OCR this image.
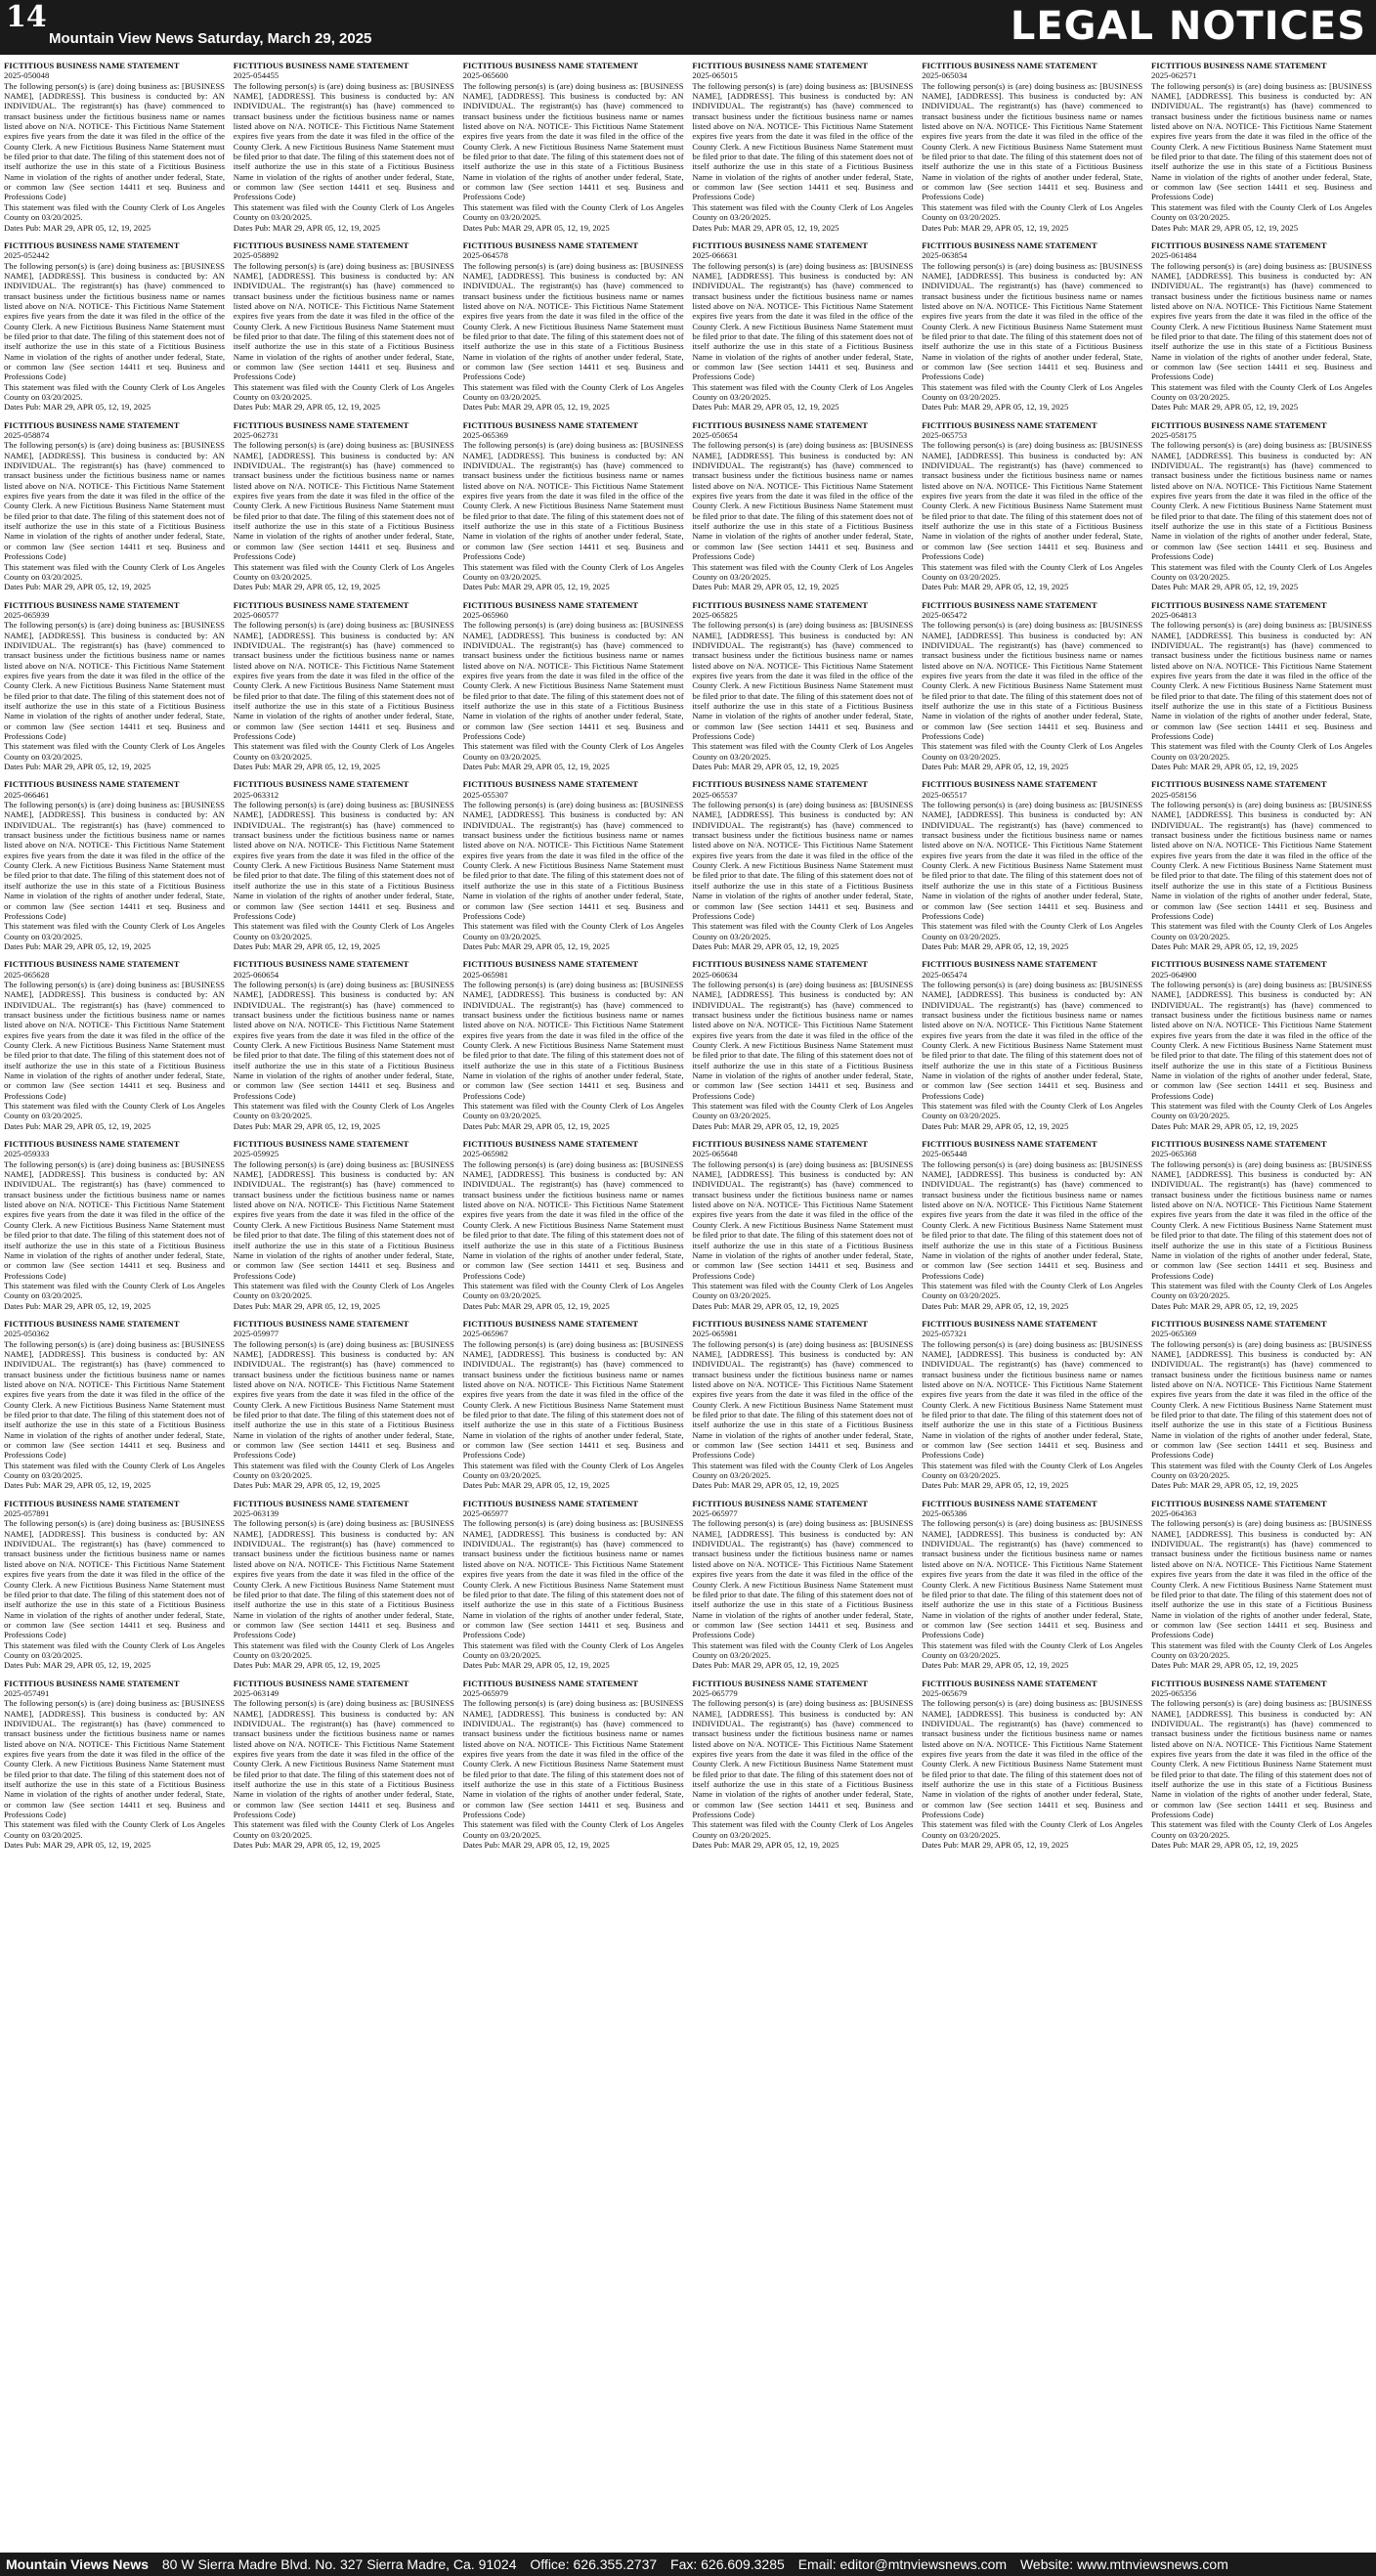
14
Mountain View News Saturday, March 29, 2025	LEGAL NOTICES
FICTITIOUS BUSINESS NAME STATEMENT

2025-050048

The following person(s) is (are) doing business as: [BUSINESS NAME], [ADDRESS]. This business is conducted by: AN INDIVIDUAL. The registrant(s) has (have) commenced to transact business under the fictitious business name or names listed above on N/A. NOTICE- This Fictitious Name Statement expires five years from the date it was filed in the office of the County Clerk. A new Fictitious Business Name Statement must be filed prior to that date. The filing of this statement does not of itself authorize the use in this state of a Fictitious Business Name in violation of the rights of another under federal, State, or common law (See section 14411 et seq. Business and Professions Code)

This statement was filed with the County Clerk of Los Angeles County on 03/20/2025.

Dates Pub: MAR 29, APR 05, 12, 19, 2025

FICTITIOUS BUSINESS NAME STATEMENT

2025-052442

The following person(s) is (are) doing business as: [BUSINESS NAME], [ADDRESS]. This business is conducted by: AN INDIVIDUAL. The registrant(s) has (have) commenced to transact business under the fictitious business name or names listed above on N/A. NOTICE- This Fictitious Name Statement expires five years from the date it was filed in the office of the County Clerk. A new Fictitious Business Name Statement must be filed prior to that date. The filing of this statement does not of itself authorize the use in this state of a Fictitious Business Name in violation of the rights of another under federal, State, or common law (See section 14411 et seq. Business and Professions Code)

This statement was filed with the County Clerk of Los Angeles County on 03/20/2025.

Dates Pub: MAR 29, APR 05, 12, 19, 2025

FICTITIOUS BUSINESS NAME STATEMENT

2025-058874

The following person(s) is (are) doing business as: [BUSINESS NAME], [ADDRESS]. This business is conducted by: AN INDIVIDUAL. The registrant(s) has (have) commenced to transact business under the fictitious business name or names listed above on N/A. NOTICE- This Fictitious Name Statement expires five years from the date it was filed in the office of the County Clerk. A new Fictitious Business Name Statement must be filed prior to that date. The filing of this statement does not of itself authorize the use in this state of a Fictitious Business Name in violation of the rights of another under federal, State, or common law (See section 14411 et seq. Business and Professions Code)

This statement was filed with the County Clerk of Los Angeles County on 03/20/2025.

Dates Pub: MAR 29, APR 05, 12, 19, 2025

FICTITIOUS BUSINESS NAME STATEMENT

2025-065939

The following person(s) is (are) doing business as: [BUSINESS NAME], [ADDRESS]. This business is conducted by: AN INDIVIDUAL. The registrant(s) has (have) commenced to transact business under the fictitious business name or names listed above on N/A. NOTICE- This Fictitious Name Statement expires five years from the date it was filed in the office of the County Clerk. A new Fictitious Business Name Statement must be filed prior to that date. The filing of this statement does not of itself authorize the use in this state of a Fictitious Business Name in violation of the rights of another under federal, State, or common law (See section 14411 et seq. Business and Professions Code)

This statement was filed with the County Clerk of Los Angeles County on 03/20/2025.

Dates Pub: MAR 29, APR 05, 12, 19, 2025

FICTITIOUS BUSINESS NAME STATEMENT

2025-066461

The following person(s) is (are) doing business as: [BUSINESS NAME], [ADDRESS]. This business is conducted by: AN INDIVIDUAL. The registrant(s) has (have) commenced to transact business under the fictitious business name or names listed above on N/A. NOTICE- This Fictitious Name Statement expires five years from the date it was filed in the office of the County Clerk. A new Fictitious Business Name Statement must be filed prior to that date. The filing of this statement does not of itself authorize the use in this state of a Fictitious Business Name in violation of the rights of another under federal, State, or common law (See section 14411 et seq. Business and Professions Code)

This statement was filed with the County Clerk of Los Angeles County on 03/20/2025.

Dates Pub: MAR 29, APR 05, 12, 19, 2025

FICTITIOUS BUSINESS NAME STATEMENT

2025-065628

The following person(s) is (are) doing business as: [BUSINESS NAME], [ADDRESS]. This business is conducted by: AN INDIVIDUAL. The registrant(s) has (have) commenced to transact business under the fictitious business name or names listed above on N/A. NOTICE- This Fictitious Name Statement expires five years from the date it was filed in the office of the County Clerk. A new Fictitious Business Name Statement must be filed prior to that date. The filing of this statement does not of itself authorize the use in this state of a Fictitious Business Name in violation of the rights of another under federal, State, or common law (See section 14411 et seq. Business and Professions Code)

This statement was filed with the County Clerk of Los Angeles County on 03/20/2025.

Dates Pub: MAR 29, APR 05, 12, 19, 2025

FICTITIOUS BUSINESS NAME STATEMENT

2025-059333

The following person(s) is (are) doing business as: [BUSINESS NAME], [ADDRESS]. This business is conducted by: AN INDIVIDUAL. The registrant(s) has (have) commenced to transact business under the fictitious business name or names listed above on N/A. NOTICE- This Fictitious Name Statement expires five years from the date it was filed in the office of the County Clerk. A new Fictitious Business Name Statement must be filed prior to that date. The filing of this statement does not of itself authorize the use in this state of a Fictitious Business Name in violation of the rights of another under federal, State, or common law (See section 14411 et seq. Business and Professions Code)

This statement was filed with the County Clerk of Los Angeles County on 03/20/2025.

Dates Pub: MAR 29, APR 05, 12, 19, 2025

FICTITIOUS BUSINESS NAME STATEMENT

2025-050362

The following person(s) is (are) doing business as: [BUSINESS NAME], [ADDRESS]. This business is conducted by: AN INDIVIDUAL. The registrant(s) has (have) commenced to transact business under the fictitious business name or names listed above on N/A. NOTICE- This Fictitious Name Statement expires five years from the date it was filed in the office of the County Clerk. A new Fictitious Business Name Statement must be filed prior to that date. The filing of this statement does not of itself authorize the use in this state of a Fictitious Business Name in violation of the rights of another under federal, State, or common law (See section 14411 et seq. Business and Professions Code)

This statement was filed with the County Clerk of Los Angeles County on 03/20/2025.

Dates Pub: MAR 29, APR 05, 12, 19, 2025

FICTITIOUS BUSINESS NAME STATEMENT

2025-057891

The following person(s) is (are) doing business as: [BUSINESS NAME], [ADDRESS]. This business is conducted by: AN INDIVIDUAL. The registrant(s) has (have) commenced to transact business under the fictitious business name or names listed above on N/A. NOTICE- This Fictitious Name Statement expires five years from the date it was filed in the office of the County Clerk. A new Fictitious Business Name Statement must be filed prior to that date. The filing of this statement does not of itself authorize the use in this state of a Fictitious Business Name in violation of the rights of another under federal, State, or common law (See section 14411 et seq. Business and Professions Code)

This statement was filed with the County Clerk of Los Angeles County on 03/20/2025.

Dates Pub: MAR 29, APR 05, 12, 19, 2025

FICTITIOUS BUSINESS NAME STATEMENT

2025-057491

The following person(s) is (are) doing business as: [BUSINESS NAME], [ADDRESS]. This business is conducted by: AN INDIVIDUAL. The registrant(s) has (have) commenced to transact business under the fictitious business name or names listed above on N/A. NOTICE- This Fictitious Name Statement expires five years from the date it was filed in the office of the County Clerk. A new Fictitious Business Name Statement must be filed prior to that date. The filing of this statement does not of itself authorize the use in this state of a Fictitious Business Name in violation of the rights of another under federal, State, or common law (See section 14411 et seq. Business and Professions Code)

This statement was filed with the County Clerk of Los Angeles County on 03/20/2025.

Dates Pub: MAR 29, APR 05, 12, 19, 2025

FICTITIOUS BUSINESS NAME STATEMENT

2025-054455

The following person(s) is (are) doing business as: [BUSINESS NAME], [ADDRESS]. This business is conducted by: AN INDIVIDUAL. The registrant(s) has (have) commenced to transact business under the fictitious business name or names listed above on N/A. NOTICE- This Fictitious Name Statement expires five years from the date it was filed in the office of the County Clerk. A new Fictitious Business Name Statement must be filed prior to that date. The filing of this statement does not of itself authorize the use in this state of a Fictitious Business Name in violation of the rights of another under federal, State, or common law (See section 14411 et seq. Business and Professions Code)

This statement was filed with the County Clerk of Los Angeles County on 03/20/2025.

Dates Pub: MAR 29, APR 05, 12, 19, 2025

FICTITIOUS BUSINESS NAME STATEMENT

2025-058892

The following person(s) is (are) doing business as: [BUSINESS NAME], [ADDRESS]. This business is conducted by: AN INDIVIDUAL. The registrant(s) has (have) commenced to transact business under the fictitious business name or names listed above on N/A. NOTICE- This Fictitious Name Statement expires five years from the date it was filed in the office of the County Clerk. A new Fictitious Business Name Statement must be filed prior to that date. The filing of this statement does not of itself authorize the use in this state of a Fictitious Business Name in violation of the rights of another under federal, State, or common law (See section 14411 et seq. Business and Professions Code)

This statement was filed with the County Clerk of Los Angeles County on 03/20/2025.

Dates Pub: MAR 29, APR 05, 12, 19, 2025

FICTITIOUS BUSINESS NAME STATEMENT

2025-062731

The following person(s) is (are) doing business as: [BUSINESS NAME], [ADDRESS]. This business is conducted by: AN INDIVIDUAL. The registrant(s) has (have) commenced to transact business under the fictitious business name or names listed above on N/A. NOTICE- This Fictitious Name Statement expires five years from the date it was filed in the office of the County Clerk. A new Fictitious Business Name Statement must be filed prior to that date. The filing of this statement does not of itself authorize the use in this state of a Fictitious Business Name in violation of the rights of another under federal, State, or common law (See section 14411 et seq. Business and Professions Code)

This statement was filed with the County Clerk of Los Angeles County on 03/20/2025.

Dates Pub: MAR 29, APR 05, 12, 19, 2025

FICTITIOUS BUSINESS NAME STATEMENT

2025-060577

The following person(s) is (are) doing business as: [BUSINESS NAME], [ADDRESS]. This business is conducted by: AN INDIVIDUAL. The registrant(s) has (have) commenced to transact business under the fictitious business name or names listed above on N/A. NOTICE- This Fictitious Name Statement expires five years from the date it was filed in the office of the County Clerk. A new Fictitious Business Name Statement must be filed prior to that date. The filing of this statement does not of itself authorize the use in this state of a Fictitious Business Name in violation of the rights of another under federal, State, or common law (See section 14411 et seq. Business and Professions Code)

This statement was filed with the County Clerk of Los Angeles County on 03/20/2025.

Dates Pub: MAR 29, APR 05, 12, 19, 2025

FICTITIOUS BUSINESS NAME STATEMENT

2025-063312

The following person(s) is (are) doing business as: [BUSINESS NAME], [ADDRESS]. This business is conducted by: AN INDIVIDUAL. The registrant(s) has (have) commenced to transact business under the fictitious business name or names listed above on N/A. NOTICE- This Fictitious Name Statement expires five years from the date it was filed in the office of the County Clerk. A new Fictitious Business Name Statement must be filed prior to that date. The filing of this statement does not of itself authorize the use in this state of a Fictitious Business Name in violation of the rights of another under federal, State, or common law (See section 14411 et seq. Business and Professions Code)

This statement was filed with the County Clerk of Los Angeles County on 03/20/2025.

Dates Pub: MAR 29, APR 05, 12, 19, 2025

FICTITIOUS BUSINESS NAME STATEMENT

2025-060654

The following person(s) is (are) doing business as: [BUSINESS NAME], [ADDRESS]. This business is conducted by: AN INDIVIDUAL. The registrant(s) has (have) commenced to transact business under the fictitious business name or names listed above on N/A. NOTICE- This Fictitious Name Statement expires five years from the date it was filed in the office of the County Clerk. A new Fictitious Business Name Statement must be filed prior to that date. The filing of this statement does not of itself authorize the use in this state of a Fictitious Business Name in violation of the rights of another under federal, State, or common law (See section 14411 et seq. Business and Professions Code)

This statement was filed with the County Clerk of Los Angeles County on 03/20/2025.

Dates Pub: MAR 29, APR 05, 12, 19, 2025

FICTITIOUS BUSINESS NAME STATEMENT

2025-059925

The following person(s) is (are) doing business as: [BUSINESS NAME], [ADDRESS]. This business is conducted by: AN INDIVIDUAL. The registrant(s) has (have) commenced to transact business under the fictitious business name or names listed above on N/A. NOTICE- This Fictitious Name Statement expires five years from the date it was filed in the office of the County Clerk. A new Fictitious Business Name Statement must be filed prior to that date. The filing of this statement does not of itself authorize the use in this state of a Fictitious Business Name in violation of the rights of another under federal, State, or common law (See section 14411 et seq. Business and Professions Code)

This statement was filed with the County Clerk of Los Angeles County on 03/20/2025.

Dates Pub: MAR 29, APR 05, 12, 19, 2025

FICTITIOUS BUSINESS NAME STATEMENT

2025-059977

The following person(s) is (are) doing business as: [BUSINESS NAME], [ADDRESS]. This business is conducted by: AN INDIVIDUAL. The registrant(s) has (have) commenced to transact business under the fictitious business name or names listed above on N/A. NOTICE- This Fictitious Name Statement expires five years from the date it was filed in the office of the County Clerk. A new Fictitious Business Name Statement must be filed prior to that date. The filing of this statement does not of itself authorize the use in this state of a Fictitious Business Name in violation of the rights of another under federal, State, or common law (See section 14411 et seq. Business and Professions Code)

This statement was filed with the County Clerk of Los Angeles County on 03/20/2025.

Dates Pub: MAR 29, APR 05, 12, 19, 2025

FICTITIOUS BUSINESS NAME STATEMENT

2025-063139

The following person(s) is (are) doing business as: [BUSINESS NAME], [ADDRESS]. This business is conducted by: AN INDIVIDUAL. The registrant(s) has (have) commenced to transact business under the fictitious business name or names listed above on N/A. NOTICE- This Fictitious Name Statement expires five years from the date it was filed in the office of the County Clerk. A new Fictitious Business Name Statement must be filed prior to that date. The filing of this statement does not of itself authorize the use in this state of a Fictitious Business Name in violation of the rights of another under federal, State, or common law (See section 14411 et seq. Business and Professions Code)

This statement was filed with the County Clerk of Los Angeles County on 03/20/2025.

Dates Pub: MAR 29, APR 05, 12, 19, 2025

FICTITIOUS BUSINESS NAME STATEMENT

2025-063149

The following person(s) is (are) doing business as: [BUSINESS NAME], [ADDRESS]. This business is conducted by: AN INDIVIDUAL. The registrant(s) has (have) commenced to transact business under the fictitious business name or names listed above on N/A. NOTICE- This Fictitious Name Statement expires five years from the date it was filed in the office of the County Clerk. A new Fictitious Business Name Statement must be filed prior to that date. The filing of this statement does not of itself authorize the use in this state of a Fictitious Business Name in violation of the rights of another under federal, State, or common law (See section 14411 et seq. Business and Professions Code)

This statement was filed with the County Clerk of Los Angeles County on 03/20/2025.

Dates Pub: MAR 29, APR 05, 12, 19, 2025

FICTITIOUS BUSINESS NAME STATEMENT

2025-065600

The following person(s) is (are) doing business as: [BUSINESS NAME], [ADDRESS]. This business is conducted by: AN INDIVIDUAL. The registrant(s) has (have) commenced to transact business under the fictitious business name or names listed above on N/A. NOTICE- This Fictitious Name Statement expires five years from the date it was filed in the office of the County Clerk. A new Fictitious Business Name Statement must be filed prior to that date. The filing of this statement does not of itself authorize the use in this state of a Fictitious Business Name in violation of the rights of another under federal, State, or common law (See section 14411 et seq. Business and Professions Code)

This statement was filed with the County Clerk of Los Angeles County on 03/20/2025.

Dates Pub: MAR 29, APR 05, 12, 19, 2025

FICTITIOUS BUSINESS NAME STATEMENT

2025-064578

The following person(s) is (are) doing business as: [BUSINESS NAME], [ADDRESS]. This business is conducted by: AN INDIVIDUAL. The registrant(s) has (have) commenced to transact business under the fictitious business name or names listed above on N/A. NOTICE- This Fictitious Name Statement expires five years from the date it was filed in the office of the County Clerk. A new Fictitious Business Name Statement must be filed prior to that date. The filing of this statement does not of itself authorize the use in this state of a Fictitious Business Name in violation of the rights of another under federal, State, or common law (See section 14411 et seq. Business and Professions Code)

This statement was filed with the County Clerk of Los Angeles County on 03/20/2025.

Dates Pub: MAR 29, APR 05, 12, 19, 2025

FICTITIOUS BUSINESS NAME STATEMENT

2025-065369

The following person(s) is (are) doing business as: [BUSINESS NAME], [ADDRESS]. This business is conducted by: AN INDIVIDUAL. The registrant(s) has (have) commenced to transact business under the fictitious business name or names listed above on N/A. NOTICE- This Fictitious Name Statement expires five years from the date it was filed in the office of the County Clerk. A new Fictitious Business Name Statement must be filed prior to that date. The filing of this statement does not of itself authorize the use in this state of a Fictitious Business Name in violation of the rights of another under federal, State, or common law (See section 14411 et seq. Business and Professions Code)

This statement was filed with the County Clerk of Los Angeles County on 03/20/2025.

Dates Pub: MAR 29, APR 05, 12, 19, 2025

FICTITIOUS BUSINESS NAME STATEMENT

2025-065960

The following person(s) is (are) doing business as: [BUSINESS NAME], [ADDRESS]. This business is conducted by: AN INDIVIDUAL. The registrant(s) has (have) commenced to transact business under the fictitious business name or names listed above on N/A. NOTICE- This Fictitious Name Statement expires five years from the date it was filed in the office of the County Clerk. A new Fictitious Business Name Statement must be filed prior to that date. The filing of this statement does not of itself authorize the use in this state of a Fictitious Business Name in violation of the rights of another under federal, State, or common law (See section 14411 et seq. Business and Professions Code)

This statement was filed with the County Clerk of Los Angeles County on 03/20/2025.

Dates Pub: MAR 29, APR 05, 12, 19, 2025

FICTITIOUS BUSINESS NAME STATEMENT

2025-055307

The following person(s) is (are) doing business as: [BUSINESS NAME], [ADDRESS]. This business is conducted by: AN INDIVIDUAL. The registrant(s) has (have) commenced to transact business under the fictitious business name or names listed above on N/A. NOTICE- This Fictitious Name Statement expires five years from the date it was filed in the office of the County Clerk. A new Fictitious Business Name Statement must be filed prior to that date. The filing of this statement does not of itself authorize the use in this state of a Fictitious Business Name in violation of the rights of another under federal, State, or common law (See section 14411 et seq. Business and Professions Code)

This statement was filed with the County Clerk of Los Angeles County on 03/20/2025.

Dates Pub: MAR 29, APR 05, 12, 19, 2025

FICTITIOUS BUSINESS NAME STATEMENT

2025-065981

The following person(s) is (are) doing business as: [BUSINESS NAME], [ADDRESS]. This business is conducted by: AN INDIVIDUAL. The registrant(s) has (have) commenced to transact business under the fictitious business name or names listed above on N/A. NOTICE- This Fictitious Name Statement expires five years from the date it was filed in the office of the County Clerk. A new Fictitious Business Name Statement must be filed prior to that date. The filing of this statement does not of itself authorize the use in this state of a Fictitious Business Name in violation of the rights of another under federal, State, or common law (See section 14411 et seq. Business and Professions Code)

This statement was filed with the County Clerk of Los Angeles County on 03/20/2025.

Dates Pub: MAR 29, APR 05, 12, 19, 2025

FICTITIOUS BUSINESS NAME STATEMENT

2025-065982

The following person(s) is (are) doing business as: [BUSINESS NAME], [ADDRESS]. This business is conducted by: AN INDIVIDUAL. The registrant(s) has (have) commenced to transact business under the fictitious business name or names listed above on N/A. NOTICE- This Fictitious Name Statement expires five years from the date it was filed in the office of the County Clerk. A new Fictitious Business Name Statement must be filed prior to that date. The filing of this statement does not of itself authorize the use in this state of a Fictitious Business Name in violation of the rights of another under federal, State, or common law (See section 14411 et seq. Business and Professions Code)

This statement was filed with the County Clerk of Los Angeles County on 03/20/2025.

Dates Pub: MAR 29, APR 05, 12, 19, 2025

FICTITIOUS BUSINESS NAME STATEMENT

2025-065967

The following person(s) is (are) doing business as: [BUSINESS NAME], [ADDRESS]. This business is conducted by: AN INDIVIDUAL. The registrant(s) has (have) commenced to transact business under the fictitious business name or names listed above on N/A. NOTICE- This Fictitious Name Statement expires five years from the date it was filed in the office of the County Clerk. A new Fictitious Business Name Statement must be filed prior to that date. The filing of this statement does not of itself authorize the use in this state of a Fictitious Business Name in violation of the rights of another under federal, State, or common law (See section 14411 et seq. Business and Professions Code)

This statement was filed with the County Clerk of Los Angeles County on 03/20/2025.

Dates Pub: MAR 29, APR 05, 12, 19, 2025

FICTITIOUS BUSINESS NAME STATEMENT

2025-065977

The following person(s) is (are) doing business as: [BUSINESS NAME], [ADDRESS]. This business is conducted by: AN INDIVIDUAL. The registrant(s) has (have) commenced to transact business under the fictitious business name or names listed above on N/A. NOTICE- This Fictitious Name Statement expires five years from the date it was filed in the office of the County Clerk. A new Fictitious Business Name Statement must be filed prior to that date. The filing of this statement does not of itself authorize the use in this state of a Fictitious Business Name in violation of the rights of another under federal, State, or common law (See section 14411 et seq. Business and Professions Code)

This statement was filed with the County Clerk of Los Angeles County on 03/20/2025.

Dates Pub: MAR 29, APR 05, 12, 19, 2025

FICTITIOUS BUSINESS NAME STATEMENT

2025-065979

The following person(s) is (are) doing business as: [BUSINESS NAME], [ADDRESS]. This business is conducted by: AN INDIVIDUAL. The registrant(s) has (have) commenced to transact business under the fictitious business name or names listed above on N/A. NOTICE- This Fictitious Name Statement expires five years from the date it was filed in the office of the County Clerk. A new Fictitious Business Name Statement must be filed prior to that date. The filing of this statement does not of itself authorize the use in this state of a Fictitious Business Name in violation of the rights of another under federal, State, or common law (See section 14411 et seq. Business and Professions Code)

This statement was filed with the County Clerk of Los Angeles County on 03/20/2025.

Dates Pub: MAR 29, APR 05, 12, 19, 2025

FICTITIOUS BUSINESS NAME STATEMENT

2025-065015

The following person(s) is (are) doing business as: [BUSINESS NAME], [ADDRESS]. This business is conducted by: AN INDIVIDUAL. The registrant(s) has (have) commenced to transact business under the fictitious business name or names listed above on N/A. NOTICE- This Fictitious Name Statement expires five years from the date it was filed in the office of the County Clerk. A new Fictitious Business Name Statement must be filed prior to that date. The filing of this statement does not of itself authorize the use in this state of a Fictitious Business Name in violation of the rights of another under federal, State, or common law (See section 14411 et seq. Business and Professions Code)

This statement was filed with the County Clerk of Los Angeles County on 03/20/2025.

Dates Pub: MAR 29, APR 05, 12, 19, 2025

FICTITIOUS BUSINESS NAME STATEMENT

2025-066631

The following person(s) is (are) doing business as: [BUSINESS NAME], [ADDRESS]. This business is conducted by: AN INDIVIDUAL. The registrant(s) has (have) commenced to transact business under the fictitious business name or names listed above on N/A. NOTICE- This Fictitious Name Statement expires five years from the date it was filed in the office of the County Clerk. A new Fictitious Business Name Statement must be filed prior to that date. The filing of this statement does not of itself authorize the use in this state of a Fictitious Business Name in violation of the rights of another under federal, State, or common law (See section 14411 et seq. Business and Professions Code)

This statement was filed with the County Clerk of Los Angeles County on 03/20/2025.

Dates Pub: MAR 29, APR 05, 12, 19, 2025

FICTITIOUS BUSINESS NAME STATEMENT

2025-050654

The following person(s) is (are) doing business as: [BUSINESS NAME], [ADDRESS]. This business is conducted by: AN INDIVIDUAL. The registrant(s) has (have) commenced to transact business under the fictitious business name or names listed above on N/A. NOTICE- This Fictitious Name Statement expires five years from the date it was filed in the office of the County Clerk. A new Fictitious Business Name Statement must be filed prior to that date. The filing of this statement does not of itself authorize the use in this state of a Fictitious Business Name in violation of the rights of another under federal, State, or common law (See section 14411 et seq. Business and Professions Code)

This statement was filed with the County Clerk of Los Angeles County on 03/20/2025.

Dates Pub: MAR 29, APR 05, 12, 19, 2025

FICTITIOUS BUSINESS NAME STATEMENT

2025-065825

The following person(s) is (are) doing business as: [BUSINESS NAME], [ADDRESS]. This business is conducted by: AN INDIVIDUAL. The registrant(s) has (have) commenced to transact business under the fictitious business name or names listed above on N/A. NOTICE- This Fictitious Name Statement expires five years from the date it was filed in the office of the County Clerk. A new Fictitious Business Name Statement must be filed prior to that date. The filing of this statement does not of itself authorize the use in this state of a Fictitious Business Name in violation of the rights of another under federal, State, or common law (See section 14411 et seq. Business and Professions Code)

This statement was filed with the County Clerk of Los Angeles County on 03/20/2025.

Dates Pub: MAR 29, APR 05, 12, 19, 2025

FICTITIOUS BUSINESS NAME STATEMENT

2025-065537

The following person(s) is (are) doing business as: [BUSINESS NAME], [ADDRESS]. This business is conducted by: AN INDIVIDUAL. The registrant(s) has (have) commenced to transact business under the fictitious business name or names listed above on N/A. NOTICE- This Fictitious Name Statement expires five years from the date it was filed in the office of the County Clerk. A new Fictitious Business Name Statement must be filed prior to that date. The filing of this statement does not of itself authorize the use in this state of a Fictitious Business Name in violation of the rights of another under federal, State, or common law (See section 14411 et seq. Business and Professions Code)

This statement was filed with the County Clerk of Los Angeles County on 03/20/2025.

Dates Pub: MAR 29, APR 05, 12, 19, 2025

FICTITIOUS BUSINESS NAME STATEMENT

2025-060634

The following person(s) is (are) doing business as: [BUSINESS NAME], [ADDRESS]. This business is conducted by: AN INDIVIDUAL. The registrant(s) has (have) commenced to transact business under the fictitious business name or names listed above on N/A. NOTICE- This Fictitious Name Statement expires five years from the date it was filed in the office of the County Clerk. A new Fictitious Business Name Statement must be filed prior to that date. The filing of this statement does not of itself authorize the use in this state of a Fictitious Business Name in violation of the rights of another under federal, State, or common law (See section 14411 et seq. Business and Professions Code)

This statement was filed with the County Clerk of Los Angeles County on 03/20/2025.

Dates Pub: MAR 29, APR 05, 12, 19, 2025

FICTITIOUS BUSINESS NAME STATEMENT

2025-065648

The following person(s) is (are) doing business as: [BUSINESS NAME], [ADDRESS]. This business is conducted by: AN INDIVIDUAL. The registrant(s) has (have) commenced to transact business under the fictitious business name or names listed above on N/A. NOTICE- This Fictitious Name Statement expires five years from the date it was filed in the office of the County Clerk. A new Fictitious Business Name Statement must be filed prior to that date. The filing of this statement does not of itself authorize the use in this state of a Fictitious Business Name in violation of the rights of another under federal, State, or common law (See section 14411 et seq. Business and Professions Code)

This statement was filed with the County Clerk of Los Angeles County on 03/20/2025.

Dates Pub: MAR 29, APR 05, 12, 19, 2025

FICTITIOUS BUSINESS NAME STATEMENT

2025-065981

The following person(s) is (are) doing business as: [BUSINESS NAME], [ADDRESS]. This business is conducted by: AN INDIVIDUAL. The registrant(s) has (have) commenced to transact business under the fictitious business name or names listed above on N/A. NOTICE- This Fictitious Name Statement expires five years from the date it was filed in the office of the County Clerk. A new Fictitious Business Name Statement must be filed prior to that date. The filing of this statement does not of itself authorize the use in this state of a Fictitious Business Name in violation of the rights of another under federal, State, or common law (See section 14411 et seq. Business and Professions Code)

This statement was filed with the County Clerk of Los Angeles County on 03/20/2025.

Dates Pub: MAR 29, APR 05, 12, 19, 2025

FICTITIOUS BUSINESS NAME STATEMENT

2025-065977

The following person(s) is (are) doing business as: [BUSINESS NAME], [ADDRESS]. This business is conducted by: AN INDIVIDUAL. The registrant(s) has (have) commenced to transact business under the fictitious business name or names listed above on N/A. NOTICE- This Fictitious Name Statement expires five years from the date it was filed in the office of the County Clerk. A new Fictitious Business Name Statement must be filed prior to that date. The filing of this statement does not of itself authorize the use in this state of a Fictitious Business Name in violation of the rights of another under federal, State, or common law (See section 14411 et seq. Business and Professions Code)

This statement was filed with the County Clerk of Los Angeles County on 03/20/2025.

Dates Pub: MAR 29, APR 05, 12, 19, 2025

FICTITIOUS BUSINESS NAME STATEMENT

2025-065779

The following person(s) is (are) doing business as: [BUSINESS NAME], [ADDRESS]. This business is conducted by: AN INDIVIDUAL. The registrant(s) has (have) commenced to transact business under the fictitious business name or names listed above on N/A. NOTICE- This Fictitious Name Statement expires five years from the date it was filed in the office of the County Clerk. A new Fictitious Business Name Statement must be filed prior to that date. The filing of this statement does not of itself authorize the use in this state of a Fictitious Business Name in violation of the rights of another under federal, State, or common law (See section 14411 et seq. Business and Professions Code)

This statement was filed with the County Clerk of Los Angeles County on 03/20/2025.

Dates Pub: MAR 29, APR 05, 12, 19, 2025

FICTITIOUS BUSINESS NAME STATEMENT

2025-065034

The following person(s) is (are) doing business as: [BUSINESS NAME], [ADDRESS]. This business is conducted by: AN INDIVIDUAL. The registrant(s) has (have) commenced to transact business under the fictitious business name or names listed above on N/A. NOTICE- This Fictitious Name Statement expires five years from the date it was filed in the office of the County Clerk. A new Fictitious Business Name Statement must be filed prior to that date. The filing of this statement does not of itself authorize the use in this state of a Fictitious Business Name in violation of the rights of another under federal, State, or common law (See section 14411 et seq. Business and Professions Code)

This statement was filed with the County Clerk of Los Angeles County on 03/20/2025.

Dates Pub: MAR 29, APR 05, 12, 19, 2025

FICTITIOUS BUSINESS NAME STATEMENT

2025-063854

The following person(s) is (are) doing business as: [BUSINESS NAME], [ADDRESS]. This business is conducted by: AN INDIVIDUAL. The registrant(s) has (have) commenced to transact business under the fictitious business name or names listed above on N/A. NOTICE- This Fictitious Name Statement expires five years from the date it was filed in the office of the County Clerk. A new Fictitious Business Name Statement must be filed prior to that date. The filing of this statement does not of itself authorize the use in this state of a Fictitious Business Name in violation of the rights of another under federal, State, or common law (See section 14411 et seq. Business and Professions Code)

This statement was filed with the County Clerk of Los Angeles County on 03/20/2025.

Dates Pub: MAR 29, APR 05, 12, 19, 2025

FICTITIOUS BUSINESS NAME STATEMENT

2025-065753

The following person(s) is (are) doing business as: [BUSINESS NAME], [ADDRESS]. This business is conducted by: AN INDIVIDUAL. The registrant(s) has (have) commenced to transact business under the fictitious business name or names listed above on N/A. NOTICE- This Fictitious Name Statement expires five years from the date it was filed in the office of the County Clerk. A new Fictitious Business Name Statement must be filed prior to that date. The filing of this statement does not of itself authorize the use in this state of a Fictitious Business Name in violation of the rights of another under federal, State, or common law (See section 14411 et seq. Business and Professions Code)

This statement was filed with the County Clerk of Los Angeles County on 03/20/2025.

Dates Pub: MAR 29, APR 05, 12, 19, 2025

FICTITIOUS BUSINESS NAME STATEMENT

2025-065472

The following person(s) is (are) doing business as: [BUSINESS NAME], [ADDRESS]. This business is conducted by: AN INDIVIDUAL. The registrant(s) has (have) commenced to transact business under the fictitious business name or names listed above on N/A. NOTICE- This Fictitious Name Statement expires five years from the date it was filed in the office of the County Clerk. A new Fictitious Business Name Statement must be filed prior to that date. The filing of this statement does not of itself authorize the use in this state of a Fictitious Business Name in violation of the rights of another under federal, State, or common law (See section 14411 et seq. Business and Professions Code)

This statement was filed with the County Clerk of Los Angeles County on 03/20/2025.

Dates Pub: MAR 29, APR 05, 12, 19, 2025

FICTITIOUS BUSINESS NAME STATEMENT

2025-065517

The following person(s) is (are) doing business as: [BUSINESS NAME], [ADDRESS]. This business is conducted by: AN INDIVIDUAL. The registrant(s) has (have) commenced to transact business under the fictitious business name or names listed above on N/A. NOTICE- This Fictitious Name Statement expires five years from the date it was filed in the office of the County Clerk. A new Fictitious Business Name Statement must be filed prior to that date. The filing of this statement does not of itself authorize the use in this state of a Fictitious Business Name in violation of the rights of another under federal, State, or common law (See section 14411 et seq. Business and Professions Code)

This statement was filed with the County Clerk of Los Angeles County on 03/20/2025.

Dates Pub: MAR 29, APR 05, 12, 19, 2025

FICTITIOUS BUSINESS NAME STATEMENT

2025-065474

The following person(s) is (are) doing business as: [BUSINESS NAME], [ADDRESS]. This business is conducted by: AN INDIVIDUAL. The registrant(s) has (have) commenced to transact business under the fictitious business name or names listed above on N/A. NOTICE- This Fictitious Name Statement expires five years from the date it was filed in the office of the County Clerk. A new Fictitious Business Name Statement must be filed prior to that date. The filing of this statement does not of itself authorize the use in this state of a Fictitious Business Name in violation of the rights of another under federal, State, or common law (See section 14411 et seq. Business and Professions Code)

This statement was filed with the County Clerk of Los Angeles County on 03/20/2025.

Dates Pub: MAR 29, APR 05, 12, 19, 2025

FICTITIOUS BUSINESS NAME STATEMENT

2025-065448

The following person(s) is (are) doing business as: [BUSINESS NAME], [ADDRESS]. This business is conducted by: AN INDIVIDUAL. The registrant(s) has (have) commenced to transact business under the fictitious business name or names listed above on N/A. NOTICE- This Fictitious Name Statement expires five years from the date it was filed in the office of the County Clerk. A new Fictitious Business Name Statement must be filed prior to that date. The filing of this statement does not of itself authorize the use in this state of a Fictitious Business Name in violation of the rights of another under federal, State, or common law (See section 14411 et seq. Business and Professions Code)

This statement was filed with the County Clerk of Los Angeles County on 03/20/2025.

Dates Pub: MAR 29, APR 05, 12, 19, 2025

FICTITIOUS BUSINESS NAME STATEMENT

2025-057321

The following person(s) is (are) doing business as: [BUSINESS NAME], [ADDRESS]. This business is conducted by: AN INDIVIDUAL. The registrant(s) has (have) commenced to transact business under the fictitious business name or names listed above on N/A. NOTICE- This Fictitious Name Statement expires five years from the date it was filed in the office of the County Clerk. A new Fictitious Business Name Statement must be filed prior to that date. The filing of this statement does not of itself authorize the use in this state of a Fictitious Business Name in violation of the rights of another under federal, State, or common law (See section 14411 et seq. Business and Professions Code)

This statement was filed with the County Clerk of Los Angeles County on 03/20/2025.

Dates Pub: MAR 29, APR 05, 12, 19, 2025

FICTITIOUS BUSINESS NAME STATEMENT

2025-065386

The following person(s) is (are) doing business as: [BUSINESS NAME], [ADDRESS]. This business is conducted by: AN INDIVIDUAL. The registrant(s) has (have) commenced to transact business under the fictitious business name or names listed above on N/A. NOTICE- This Fictitious Name Statement expires five years from the date it was filed in the office of the County Clerk. A new Fictitious Business Name Statement must be filed prior to that date. The filing of this statement does not of itself authorize the use in this state of a Fictitious Business Name in violation of the rights of another under federal, State, or common law (See section 14411 et seq. Business and Professions Code)

This statement was filed with the County Clerk of Los Angeles County on 03/20/2025.

Dates Pub: MAR 29, APR 05, 12, 19, 2025

FICTITIOUS BUSINESS NAME STATEMENT

2025-065679

The following person(s) is (are) doing business as: [BUSINESS NAME], [ADDRESS]. This business is conducted by: AN INDIVIDUAL. The registrant(s) has (have) commenced to transact business under the fictitious business name or names listed above on N/A. NOTICE- This Fictitious Name Statement expires five years from the date it was filed in the office of the County Clerk. A new Fictitious Business Name Statement must be filed prior to that date. The filing of this statement does not of itself authorize the use in this state of a Fictitious Business Name in violation of the rights of another under federal, State, or common law (See section 14411 et seq. Business and Professions Code)

This statement was filed with the County Clerk of Los Angeles County on 03/20/2025.

Dates Pub: MAR 29, APR 05, 12, 19, 2025

FICTITIOUS BUSINESS NAME STATEMENT

2025-062571

The following person(s) is (are) doing business as: [BUSINESS NAME], [ADDRESS]. This business is conducted by: AN INDIVIDUAL. The registrant(s) has (have) commenced to transact business under the fictitious business name or names listed above on N/A. NOTICE- This Fictitious Name Statement expires five years from the date it was filed in the office of the County Clerk. A new Fictitious Business Name Statement must be filed prior to that date. The filing of this statement does not of itself authorize the use in this state of a Fictitious Business Name in violation of the rights of another under federal, State, or common law (See section 14411 et seq. Business and Professions Code)

This statement was filed with the County Clerk of Los Angeles County on 03/20/2025.

Dates Pub: MAR 29, APR 05, 12, 19, 2025

FICTITIOUS BUSINESS NAME STATEMENT

2025-061484

The following person(s) is (are) doing business as: [BUSINESS NAME], [ADDRESS]. This business is conducted by: AN INDIVIDUAL. The registrant(s) has (have) commenced to transact business under the fictitious business name or names listed above on N/A. NOTICE- This Fictitious Name Statement expires five years from the date it was filed in the office of the County Clerk. A new Fictitious Business Name Statement must be filed prior to that date. The filing of this statement does not of itself authorize the use in this state of a Fictitious Business Name in violation of the rights of another under federal, State, or common law (See section 14411 et seq. Business and Professions Code)

This statement was filed with the County Clerk of Los Angeles County on 03/20/2025.

Dates Pub: MAR 29, APR 05, 12, 19, 2025

FICTITIOUS BUSINESS NAME STATEMENT

2025-058175

The following person(s) is (are) doing business as: [BUSINESS NAME], [ADDRESS]. This business is conducted by: AN INDIVIDUAL. The registrant(s) has (have) commenced to transact business under the fictitious business name or names listed above on N/A. NOTICE- This Fictitious Name Statement expires five years from the date it was filed in the office of the County Clerk. A new Fictitious Business Name Statement must be filed prior to that date. The filing of this statement does not of itself authorize the use in this state of a Fictitious Business Name in violation of the rights of another under federal, State, or common law (See section 14411 et seq. Business and Professions Code)

This statement was filed with the County Clerk of Los Angeles County on 03/20/2025.

Dates Pub: MAR 29, APR 05, 12, 19, 2025

FICTITIOUS BUSINESS NAME STATEMENT

2025-064813

The following person(s) is (are) doing business as: [BUSINESS NAME], [ADDRESS]. This business is conducted by: AN INDIVIDUAL. The registrant(s) has (have) commenced to transact business under the fictitious business name or names listed above on N/A. NOTICE- This Fictitious Name Statement expires five years from the date it was filed in the office of the County Clerk. A new Fictitious Business Name Statement must be filed prior to that date. The filing of this statement does not of itself authorize the use in this state of a Fictitious Business Name in violation of the rights of another under federal, State, or common law (See section 14411 et seq. Business and Professions Code)

This statement was filed with the County Clerk of Los Angeles County on 03/20/2025.

Dates Pub: MAR 29, APR 05, 12, 19, 2025

FICTITIOUS BUSINESS NAME STATEMENT

2025-058156

The following person(s) is (are) doing business as: [BUSINESS NAME], [ADDRESS]. This business is conducted by: AN INDIVIDUAL. The registrant(s) has (have) commenced to transact business under the fictitious business name or names listed above on N/A. NOTICE- This Fictitious Name Statement expires five years from the date it was filed in the office of the County Clerk. A new Fictitious Business Name Statement must be filed prior to that date. The filing of this statement does not of itself authorize the use in this state of a Fictitious Business Name in violation of the rights of another under federal, State, or common law (See section 14411 et seq. Business and Professions Code)

This statement was filed with the County Clerk of Los Angeles County on 03/20/2025.

Dates Pub: MAR 29, APR 05, 12, 19, 2025

FICTITIOUS BUSINESS NAME STATEMENT

2025-064900

The following person(s) is (are) doing business as: [BUSINESS NAME], [ADDRESS]. This business is conducted by: AN INDIVIDUAL. The registrant(s) has (have) commenced to transact business under the fictitious business name or names listed above on N/A. NOTICE- This Fictitious Name Statement expires five years from the date it was filed in the office of the County Clerk. A new Fictitious Business Name Statement must be filed prior to that date. The filing of this statement does not of itself authorize the use in this state of a Fictitious Business Name in violation of the rights of another under federal, State, or common law (See section 14411 et seq. Business and Professions Code)

This statement was filed with the County Clerk of Los Angeles County on 03/20/2025.

Dates Pub: MAR 29, APR 05, 12, 19, 2025

FICTITIOUS BUSINESS NAME STATEMENT

2025-065368

The following person(s) is (are) doing business as: [BUSINESS NAME], [ADDRESS]. This business is conducted by: AN INDIVIDUAL. The registrant(s) has (have) commenced to transact business under the fictitious business name or names listed above on N/A. NOTICE- This Fictitious Name Statement expires five years from the date it was filed in the office of the County Clerk. A new Fictitious Business Name Statement must be filed prior to that date. The filing of this statement does not of itself authorize the use in this state of a Fictitious Business Name in violation of the rights of another under federal, State, or common law (See section 14411 et seq. Business and Professions Code)

This statement was filed with the County Clerk of Los Angeles County on 03/20/2025.

Dates Pub: MAR 29, APR 05, 12, 19, 2025

FICTITIOUS BUSINESS NAME STATEMENT

2025-065369

The following person(s) is (are) doing business as: [BUSINESS NAME], [ADDRESS]. This business is conducted by: AN INDIVIDUAL. The registrant(s) has (have) commenced to transact business under the fictitious business name or names listed above on N/A. NOTICE- This Fictitious Name Statement expires five years from the date it was filed in the office of the County Clerk. A new Fictitious Business Name Statement must be filed prior to that date. The filing of this statement does not of itself authorize the use in this state of a Fictitious Business Name in violation of the rights of another under federal, State, or common law (See section 14411 et seq. Business and Professions Code)

This statement was filed with the County Clerk of Los Angeles County on 03/20/2025.

Dates Pub: MAR 29, APR 05, 12, 19, 2025

FICTITIOUS BUSINESS NAME STATEMENT

2025-064363

The following person(s) is (are) doing business as: [BUSINESS NAME], [ADDRESS]. This business is conducted by: AN INDIVIDUAL. The registrant(s) has (have) commenced to transact business under the fictitious business name or names listed above on N/A. NOTICE- This Fictitious Name Statement expires five years from the date it was filed in the office of the County Clerk. A new Fictitious Business Name Statement must be filed prior to that date. The filing of this statement does not of itself authorize the use in this state of a Fictitious Business Name in violation of the rights of another under federal, State, or common law (See section 14411 et seq. Business and Professions Code)

This statement was filed with the County Clerk of Los Angeles County on 03/20/2025.

Dates Pub: MAR 29, APR 05, 12, 19, 2025

FICTITIOUS BUSINESS NAME STATEMENT

2025-065356

The following person(s) is (are) doing business as: [BUSINESS NAME], [ADDRESS]. This business is conducted by: AN INDIVIDUAL. The registrant(s) has (have) commenced to transact business under the fictitious business name or names listed above on N/A. NOTICE- This Fictitious Name Statement expires five years from the date it was filed in the office of the County Clerk. A new Fictitious Business Name Statement must be filed prior to that date. The filing of this statement does not of itself authorize the use in this state of a Fictitious Business Name in violation of the rights of another under federal, State, or common law (See section 14411 et seq. Business and Professions Code)

This statement was filed with the County Clerk of Los Angeles County on 03/20/2025.

Dates Pub: MAR 29, APR 05, 12, 19, 2025

Mountain Views News 80 W Sierra Madre Blvd. No. 327 Sierra Madre, Ca. 91024 Office: 626.355.2737 Fax: 626.609.3285 Email: editor@mtnviewsnews.com Website: www.mtnviewsnews.com
